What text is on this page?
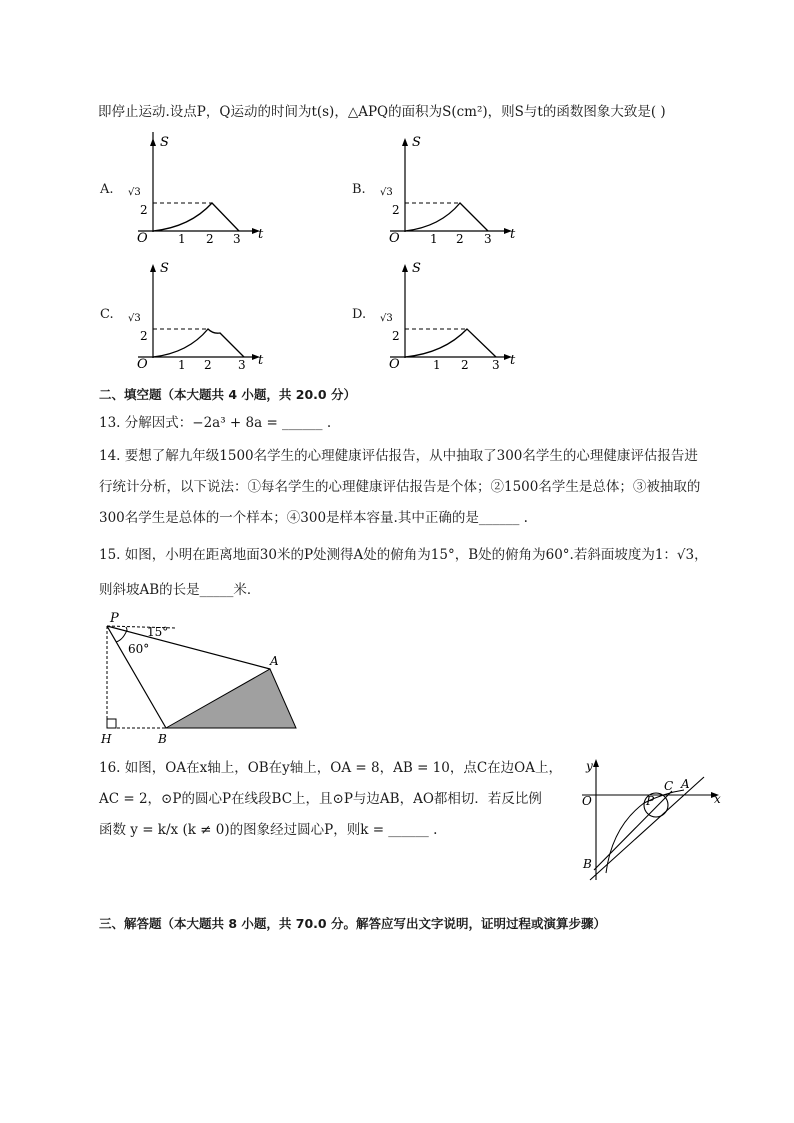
即停止运动.设点P，Q运动的时间为t(s)，△APQ的面积为S(cm²)，则S与t的函数图象大致是( )
A.
S
t
O
√3
2
1 2 3
B.
S
t
O
√3
2
1 2 3
C.
S
t
O
√3
2
1 2 3
D.
S
t
O
√3
2
1 2 3
二、填空题（本大题共 4 小题，共 20.0 分）
13. 分解因式：−2a³ + 8a = ______ .
14. 要想了解九年级1500名学生的心理健康评估报告，从中抽取了300名学生的心理健康评估报告进
行统计分析，以下说法：①每名学生的心理健康评估报告是个体；②1500名学生是总体；③被抽取的
300名学生是总体的一个样本；④300是样本容量.其中正确的是______ .
15. 如图，小明在距离地面30米的P处测得A处的俯角为15°，B处的俯角为60°.若斜面坡度为1：√3，
则斜坡AB的长是_____米．
P
A
B
H
15°
60°
16. 如图，OA在x轴上，OB在y轴上，OA = 8，AB = 10，点C在边OA上，
AC = 2，⊙P的圆心P在线段BC上，且⊙P与边AB，AO都相切．若反比例
函数 y = k/x (k ≠ 0)的图象经过圆心P，则k = ______ .
y
x
O
C A
P
B
三、解答题（本大题共 8 小题，共 70.0 分。解答应写出文字说明，证明过程或演算步骤）
